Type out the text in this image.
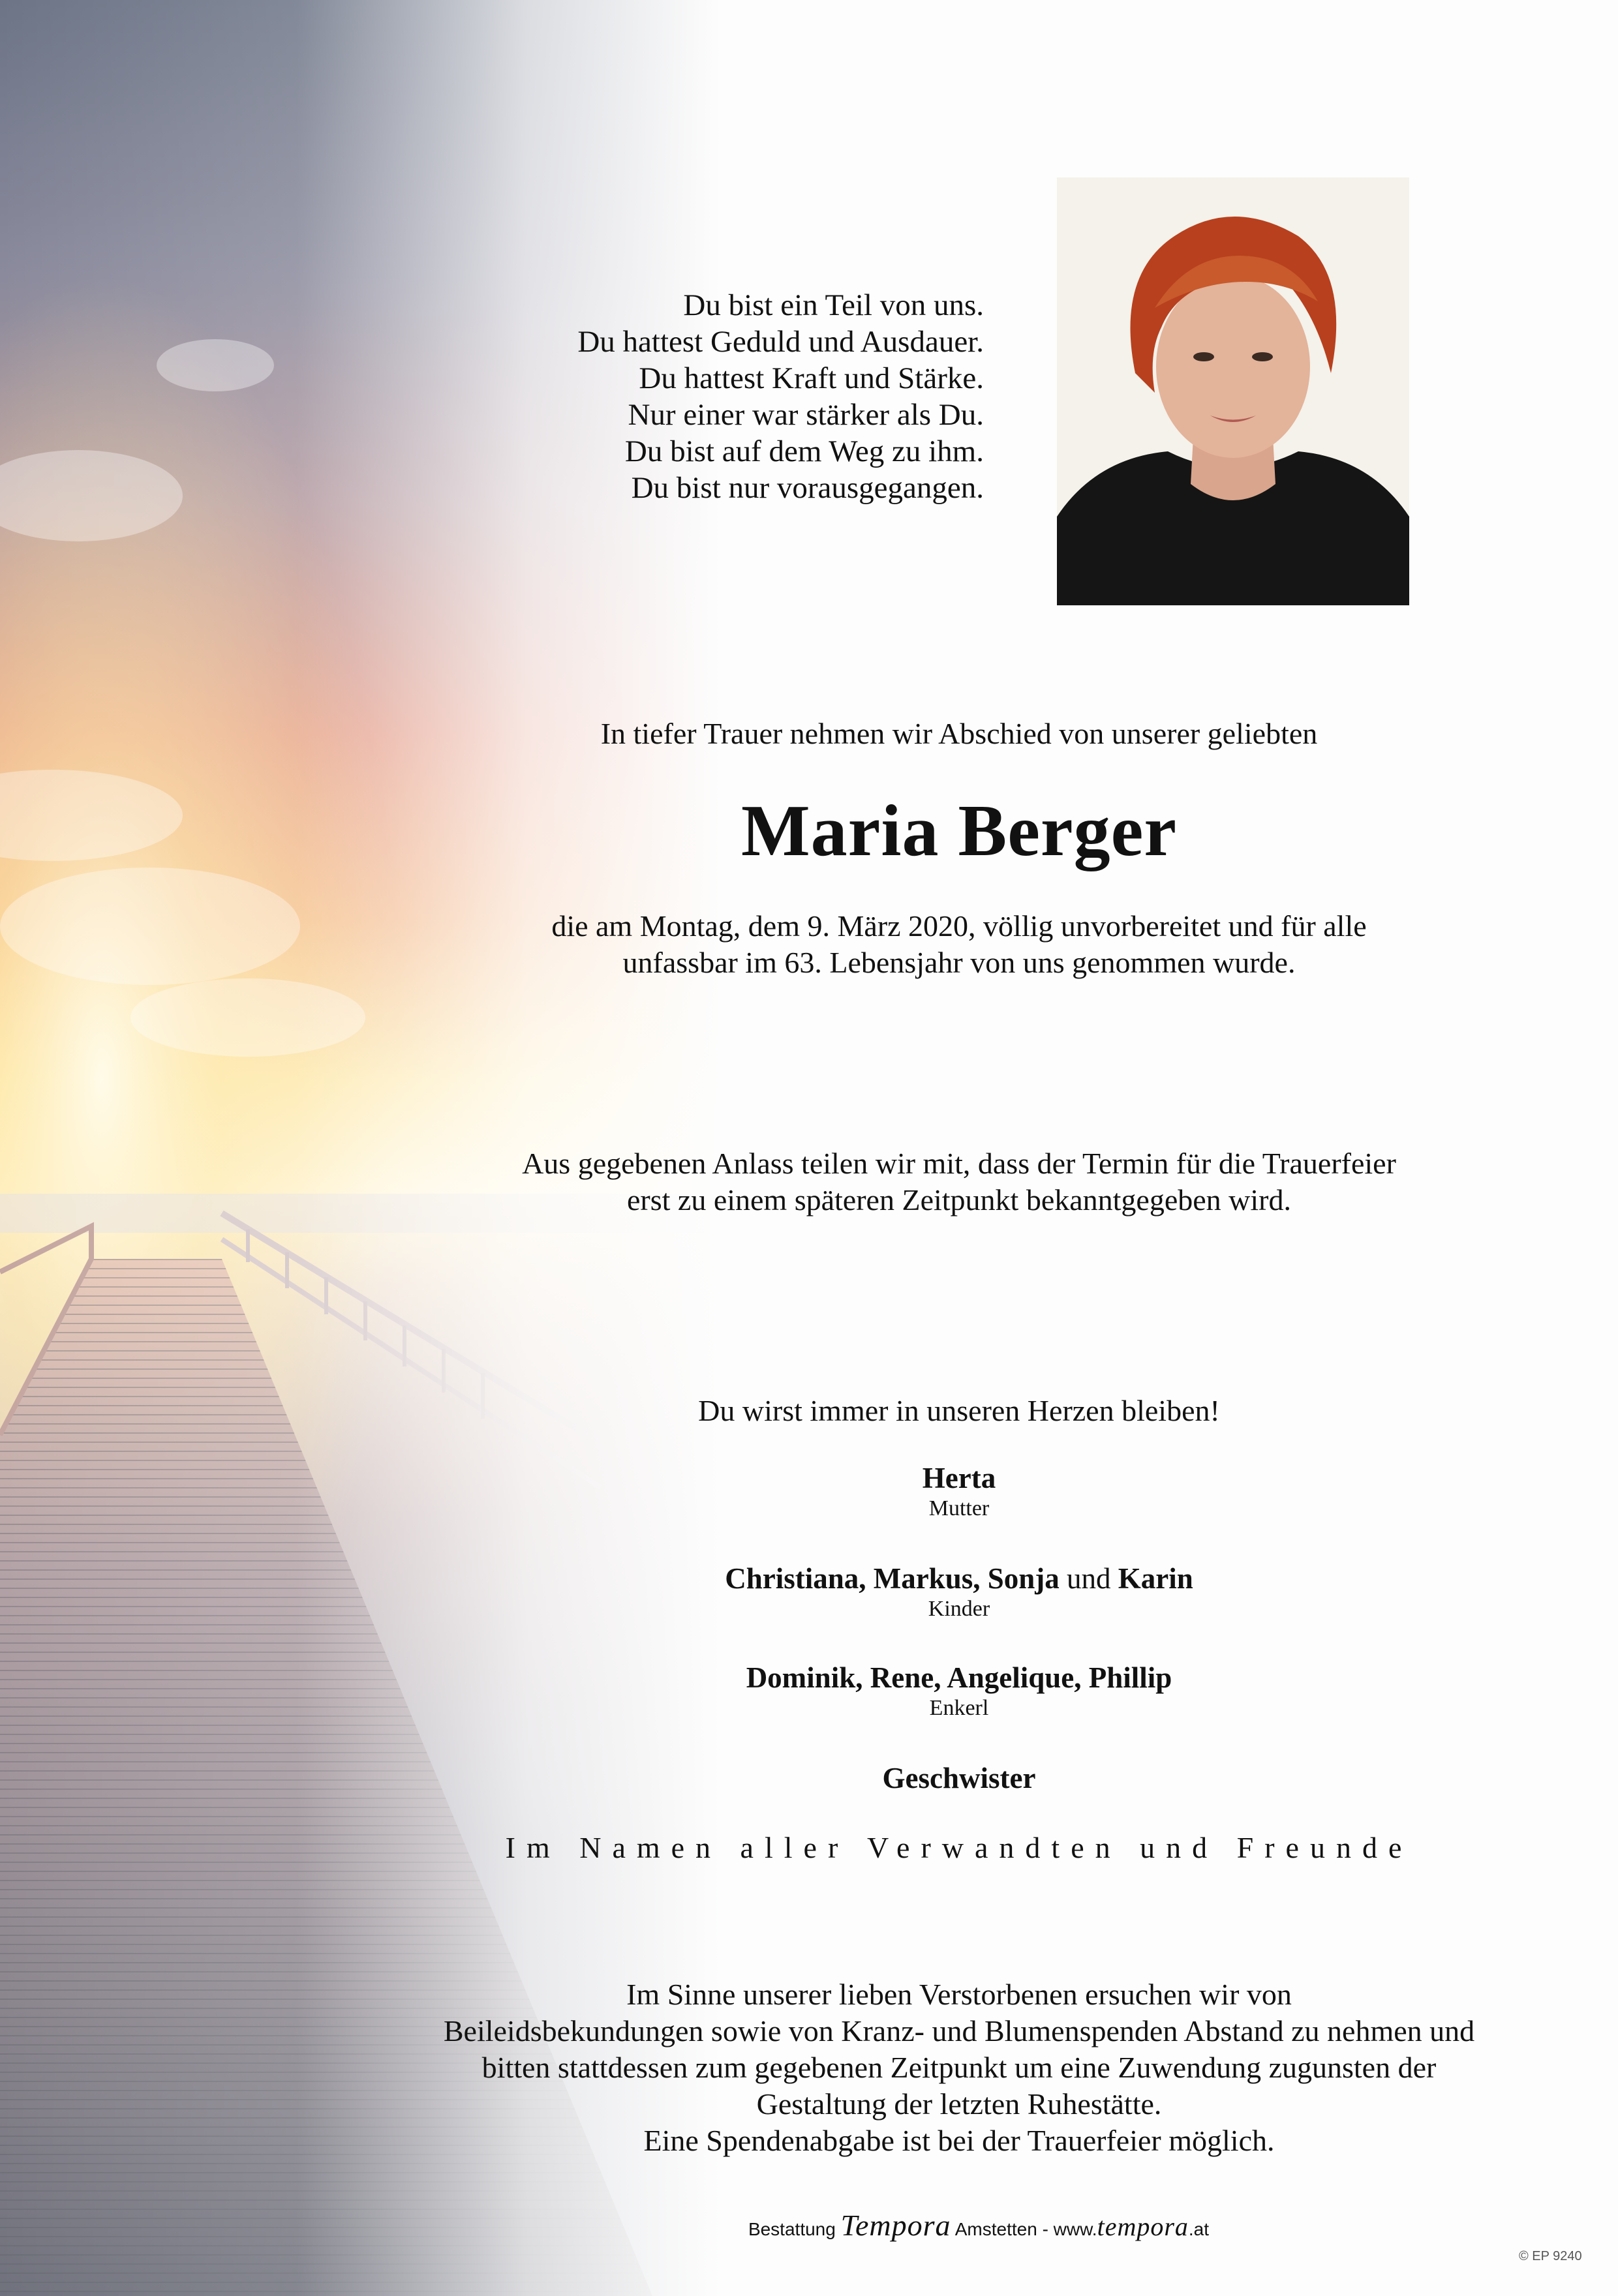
Du bist ein Teil von uns.
Du hattest Geduld und Ausdauer.
Du hattest Kraft und Stärke.
Nur einer war stärker als Du.
Du bist auf dem Weg zu ihm.
Du bist nur vorausgegangen.
In tiefer Trauer nehmen wir Abschied von unserer geliebten
Maria Berger
die am Montag, dem 9. März 2020, völlig unvorbereitet und für alle
unfassbar im 63. Lebensjahr von uns genommen wurde.
Aus gegebenen Anlass teilen wir mit, dass der Termin für die Trauerfeier
erst zu einem späteren Zeitpunkt bekanntgegeben wird.
Du wirst immer in unseren Herzen bleiben!
Herta
Mutter
Christiana, Markus, Sonja und Karin
Kinder
Dominik, Rene, Angelique, Phillip
Enkerl
Geschwister
Im Namen aller Verwandten und Freunde
Im Sinne unserer lieben Verstorbenen ersuchen wir von
Beileidsbekundungen sowie von Kranz- und Blumenspenden Abstand zu nehmen und
bitten stattdessen zum gegebenen Zeitpunkt um eine Zuwendung zugunsten der
Gestaltung der letzten Ruhestätte.
Eine Spendenabgabe ist bei der Trauerfeier möglich.
Bestattung Tempora Amstetten - www.tempora.at
© EP 9240
